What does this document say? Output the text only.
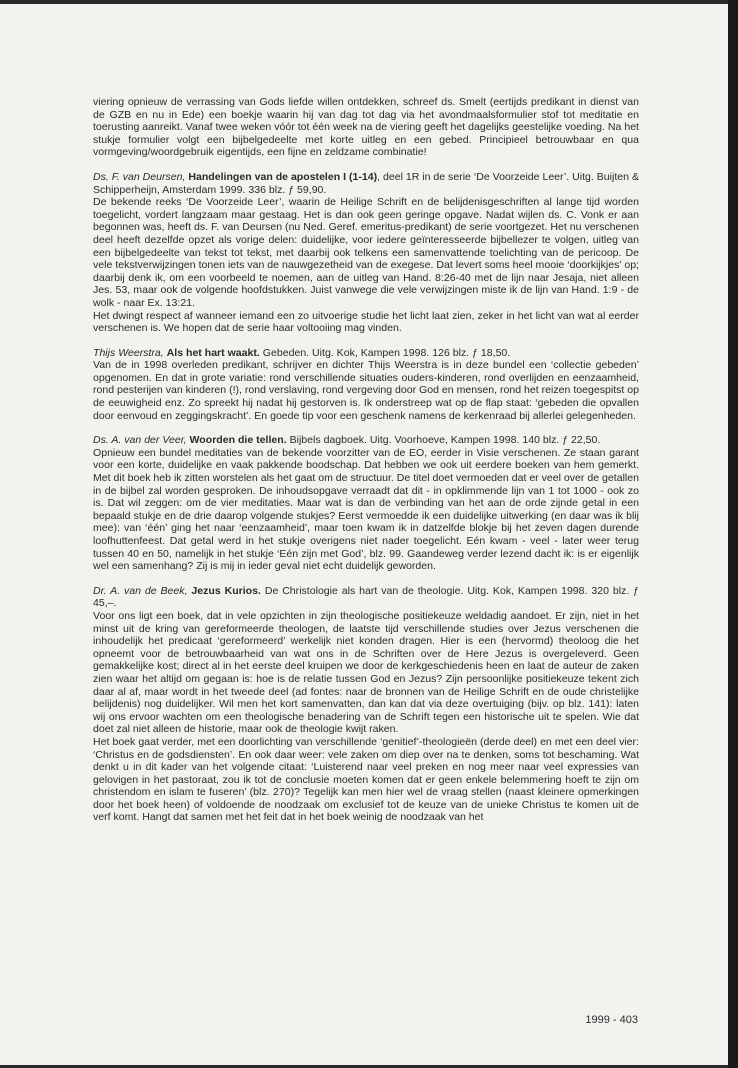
viering opnieuw de verrassing van Gods liefde willen ontdekken, schreef ds. Smelt (eertijds predikant in dienst van de GZB en nu in Ede) een boekje waarin hij van dag tot dag via het avondmaalsformulier stof tot meditatie en toerusting aanreikt. Vanaf twee weken vóór tot één week na de viering geeft het dagelijks geestelijke voeding. Na het stukje formulier volgt een bijbelgedeelte met korte uitleg en een gebed. Principieel betrouwbaar en qua vormgeving/woordgebruik eigentijds, een fijne en zeldzame combinatie!

Ds. F. van Deursen, Handelingen van de apostelen I (1-14), deel 1R in de serie ‘De Voorzeide Leer’. Uitg. Buijten & Schipperheijn, Amsterdam 1999. 336 blz. ƒ 59,90.

De bekende reeks ‘De Voorzeide Leer’, waarin de Heilige Schrift en de belijdenisgeschriften al lange tijd worden toegelicht, vordert langzaam maar gestaag. Het is dan ook geen geringe opgave. Nadat wijlen ds. C. Vonk er aan begonnen was, heeft ds. F. van Deursen (nu Ned. Geref. emeritus-predikant) de serie voortgezet. Het nu verschenen deel heeft dezelfde opzet als vorige delen: duidelijke, voor iedere geïnteresseerde bijbellezer te volgen, uitleg van een bijbelgedeelte van tekst tot tekst, met daarbij ook telkens een samenvattende toelichting van de pericoop. De vele tekstverwijzingen tonen iets van de nauwgezetheid van de exegese. Dat levert soms heel mooie ‘doorkijkjes’ op; daarbij denk ik, om een voorbeeld te noemen, aan de uitleg van Hand. 8:26-40 met de lijn naar Jesaja, niet alleen Jes. 53, maar ook de volgende hoofdstukken. Juist vanwege die vele verwijzingen miste ik de lijn van Hand. 1:9 - de wolk - naar Ex. 13:21.

Het dwingt respect af wanneer iemand een zo uitvoerige studie het licht laat zien, zeker in het licht van wat al eerder verschenen is. We hopen dat de serie haar voltooiing mag vinden.

Thijs Weerstra, Als het hart waakt. Gebeden. Uitg. Kok, Kampen 1998. 126 blz. ƒ 18,50.

Van de in 1998 overleden predikant, schrijver en dichter Thijs Weerstra is in deze bundel een ‘collectie gebeden’ opgenomen. En dat in grote variatie: rond verschillende situaties ouders-kinderen, rond overlijden en eenzaamheid, rond pesterijen van kinderen (!), rond verslaving, rond vergeving door God en mensen, rond het reizen toegespitst op de eeuwigheid enz. Zo spreekt hij nadat hij gestorven is. Ik onderstreep wat op de flap staat: ‘gebeden die opvallen door eenvoud en zeggingskracht’. En goede tip voor een geschenk namens de kerkenraad bij allerlei gelegenheden.

Ds. A. van der Veer, Woorden die tellen. Bijbels dagboek. Uitg. Voorhoeve, Kampen 1998. 140 blz. ƒ 22,50.

Opnieuw een bundel meditaties van de bekende voorzitter van de EO, eerder in Visie verschenen. Ze staan garant voor een korte, duidelijke en vaak pakkende boodschap. Dat hebben we ook uit eerdere boeken van hem gemerkt. Met dit boek heb ik zitten worstelen als het gaat om de structuur. De titel doet vermoeden dat er veel over de getallen in de bijbel zal worden gesproken. De inhoudsopgave verraadt dat dit - in opklimmende lijn van 1 tot 1000 - ook zo is. Dat wil zeggen: om de vier meditaties. Maar wat is dan de verbinding van het aan de orde zijnde getal in een bepaald stukje en de drie daarop volgende stukjes? Eerst vermoedde ik een duidelijke uitwerking (en daar was ik blij mee): van ‘één’ ging het naar ‘eenzaamheid’, maar toen kwam ik in datzelfde blokje bij het zeven dagen durende loofhuttenfeest. Dat getal werd in het stukje overigens niet nader toegelicht. Eén kwam - veel - later weer terug tussen 40 en 50, namelijk in het stukje ‘Eén zijn met God’, blz. 99. Gaandeweg verder lezend dacht ik: is er eigenlijk wel een samenhang? Zij is mij in ieder geval niet echt duidelijk geworden.

Dr. A. van de Beek, Jezus Kurios. De Christologie als hart van de theologie. Uitg. Kok, Kampen 1998. 320 blz. ƒ 45,–.

Voor ons ligt een boek, dat in vele opzichten in zijn theologische positiekeuze weldadig aandoet. Er zijn, niet in het minst uit de kring van gereformeerde theologen, de laatste tijd verschillende studies over Jezus verschenen die inhoudelijk het predicaat ‘gereformeerd’ werkelijk niet konden dragen. Hier is een (hervormd) theoloog die het opneemt voor de betrouwbaarheid van wat ons in de Schriften over de Here Jezus is overgeleverd. Geen gemakkelijke kost; direct al in het eerste deel kruipen we door de kerkgeschiedenis heen en laat de auteur de zaken zien waar het altijd om gegaan is: hoe is de relatie tussen God en Jezus? Zijn persoonlijke positiekeuze tekent zich daar al af, maar wordt in het tweede deel (ad fontes: naar de bronnen van de Heilige Schrift en de oude christelijke belijdenis) nog duidelijker. Wil men het kort samenvatten, dan kan dat via deze overtuiging (bijv. op blz. 141): laten wij ons ervoor wachten om een theologische benadering van de Schrift tegen een historische uit te spelen. Wie dat doet zal niet alleen de historie, maar ook de theologie kwijt raken.

Het boek gaat verder, met een doorlichting van verschillende ‘genitief’-theologieën (derde deel) en met een deel vier: ‘Christus en de godsdiensten’. En ook daar weer: vele zaken om diep over na te denken, soms tot beschaming. Wat denkt u in dit kader van het volgende citaat: ‘Luisterend naar veel preken en nog meer naar veel expressies van gelovigen in het pastoraat, zou ik tot de conclusie moeten komen dat er geen enkele belemmering hoeft te zijn om christendom en islam te fuseren’ (blz. 270)? Tegelijk kan men hier wel de vraag stellen (naast kleinere opmerkingen door het boek heen) of voldoende de noodzaak om exclusief tot de keuze van de unieke Christus te komen uit de verf komt. Hangt dat samen met het feit dat in het boek weinig de noodzaak van het

1999 - 403
